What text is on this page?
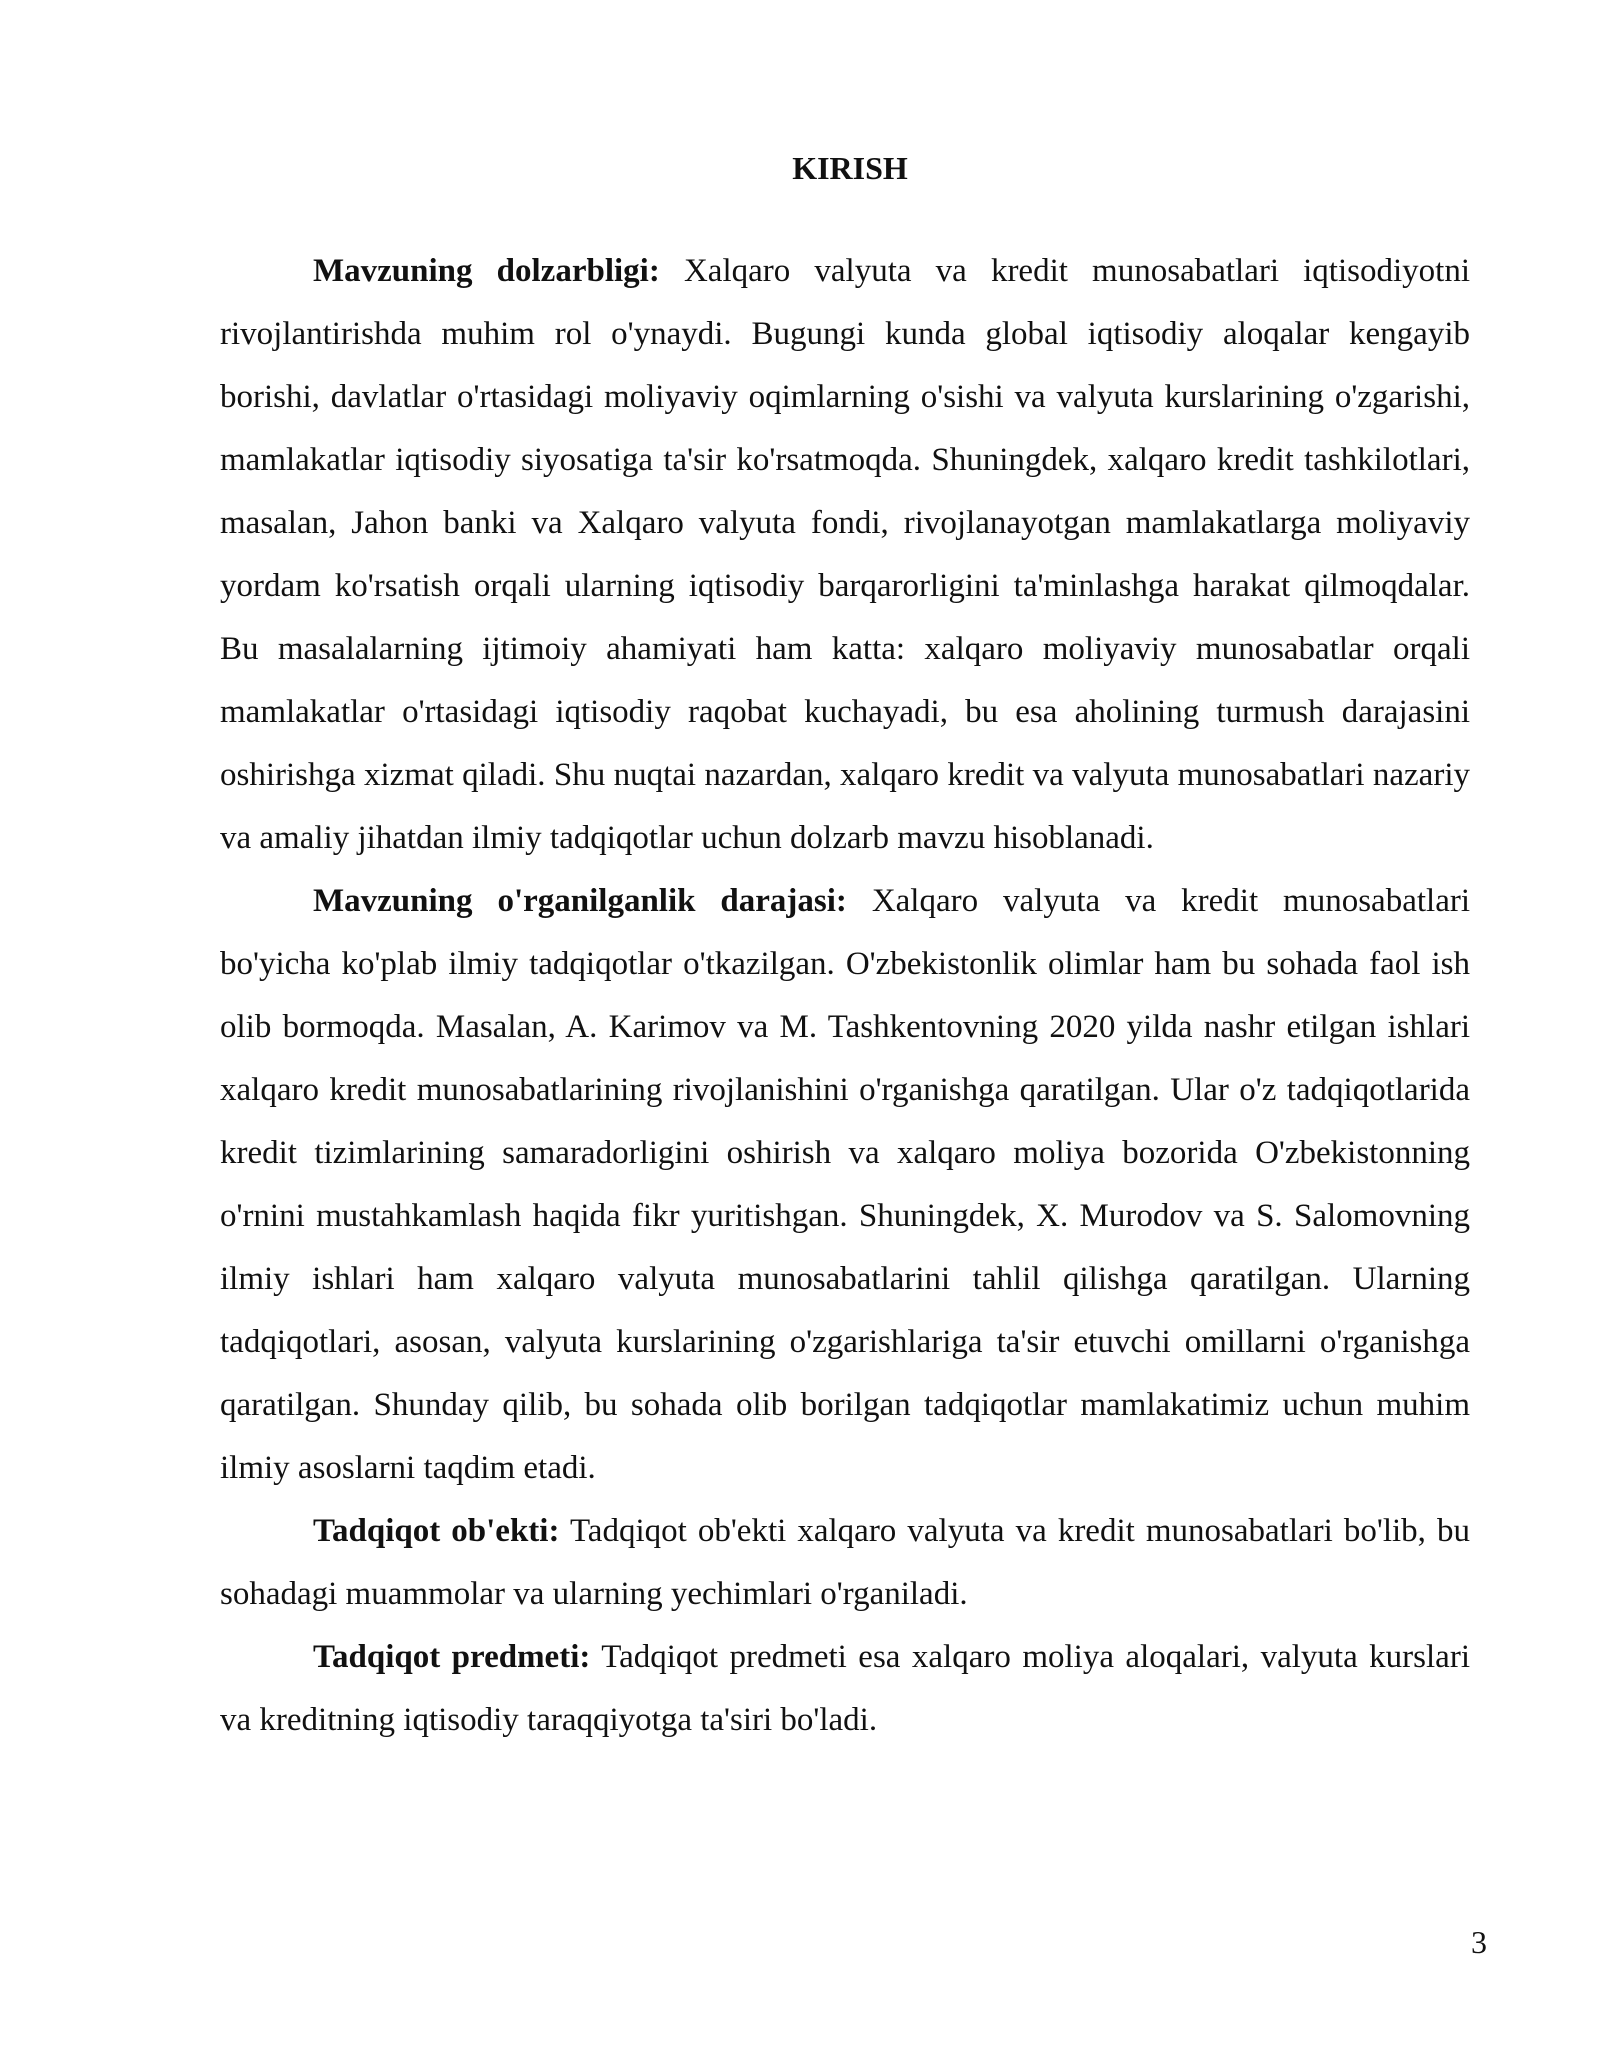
KIRISH

Mavzuning dolzarbligi: Xalqaro valyuta va kredit munosabatlari iqtisodiyotni rivojlantirishda muhim rol o'ynaydi. Bugungi kunda global iqtisodiy aloqalar kengayib borishi, davlatlar o'rtasidagi moliyaviy oqimlarning o'sishi va valyuta kurslarining o'zgarishi, mamlakatlar iqtisodiy siyosatiga ta'sir ko'rsatmoqda. Shuningdek, xalqaro kredit tashkilotlari, masalan, Jahon banki va Xalqaro valyuta fondi, rivojlanayotgan mamlakatlarga moliyaviy yordam ko'rsatish orqali ularning iqtisodiy barqarorligini ta'minlashga harakat qilmoqdalar. Bu masalalarning ijtimoiy ahamiyati ham katta: xalqaro moliyaviy munosabatlar orqali mamlakatlar o'rtasidagi iqtisodiy raqobat kuchayadi, bu esa aholining turmush darajasini oshirishga xizmat qiladi. Shu nuqtai nazardan, xalqaro kredit va valyuta munosabatlari nazariy va amaliy jihatdan ilmiy tadqiqotlar uchun dolzarb mavzu hisoblanadi.

Mavzuning o'rganilganlik darajasi: Xalqaro valyuta va kredit munosabatlari bo'yicha ko'plab ilmiy tadqiqotlar o'tkazilgan. O'zbekistonlik olimlar ham bu sohada faol ish olib bormoqda. Masalan, A. Karimov va M. Tashkentovning 2020 yilda nashr etilgan ishlari xalqaro kredit munosabatlarining rivojlanishini o'rganishga qaratilgan. Ular o'z tadqiqotlarida kredit tizimlarining samaradorligini oshirish va xalqaro moliya bozorida O'zbekistonning o'rnini mustahkamlash haqida fikr yuritishgan. Shuningdek, X. Murodov va S. Salomovning ilmiy ishlari ham xalqaro valyuta munosabatlarini tahlil qilishga qaratilgan. Ularning tadqiqotlari, asosan, valyuta kurslarining o'zgarishlariga ta'sir etuvchi omillarni o'rganishga qaratilgan. Shunday qilib, bu sohada olib borilgan tadqiqotlar mamlakatimiz uchun muhim ilmiy asoslarni taqdim etadi.

Tadqiqot ob'ekti: Tadqiqot ob'ekti xalqaro valyuta va kredit munosabatlari bo'lib, bu sohadagi muammolar va ularning yechimlari o'rganiladi.

Tadqiqot predmeti: Tadqiqot predmeti esa xalqaro moliya aloqalari, valyuta kurslari va kreditning iqtisodiy taraqqiyotga ta'siri bo'ladi.

3
